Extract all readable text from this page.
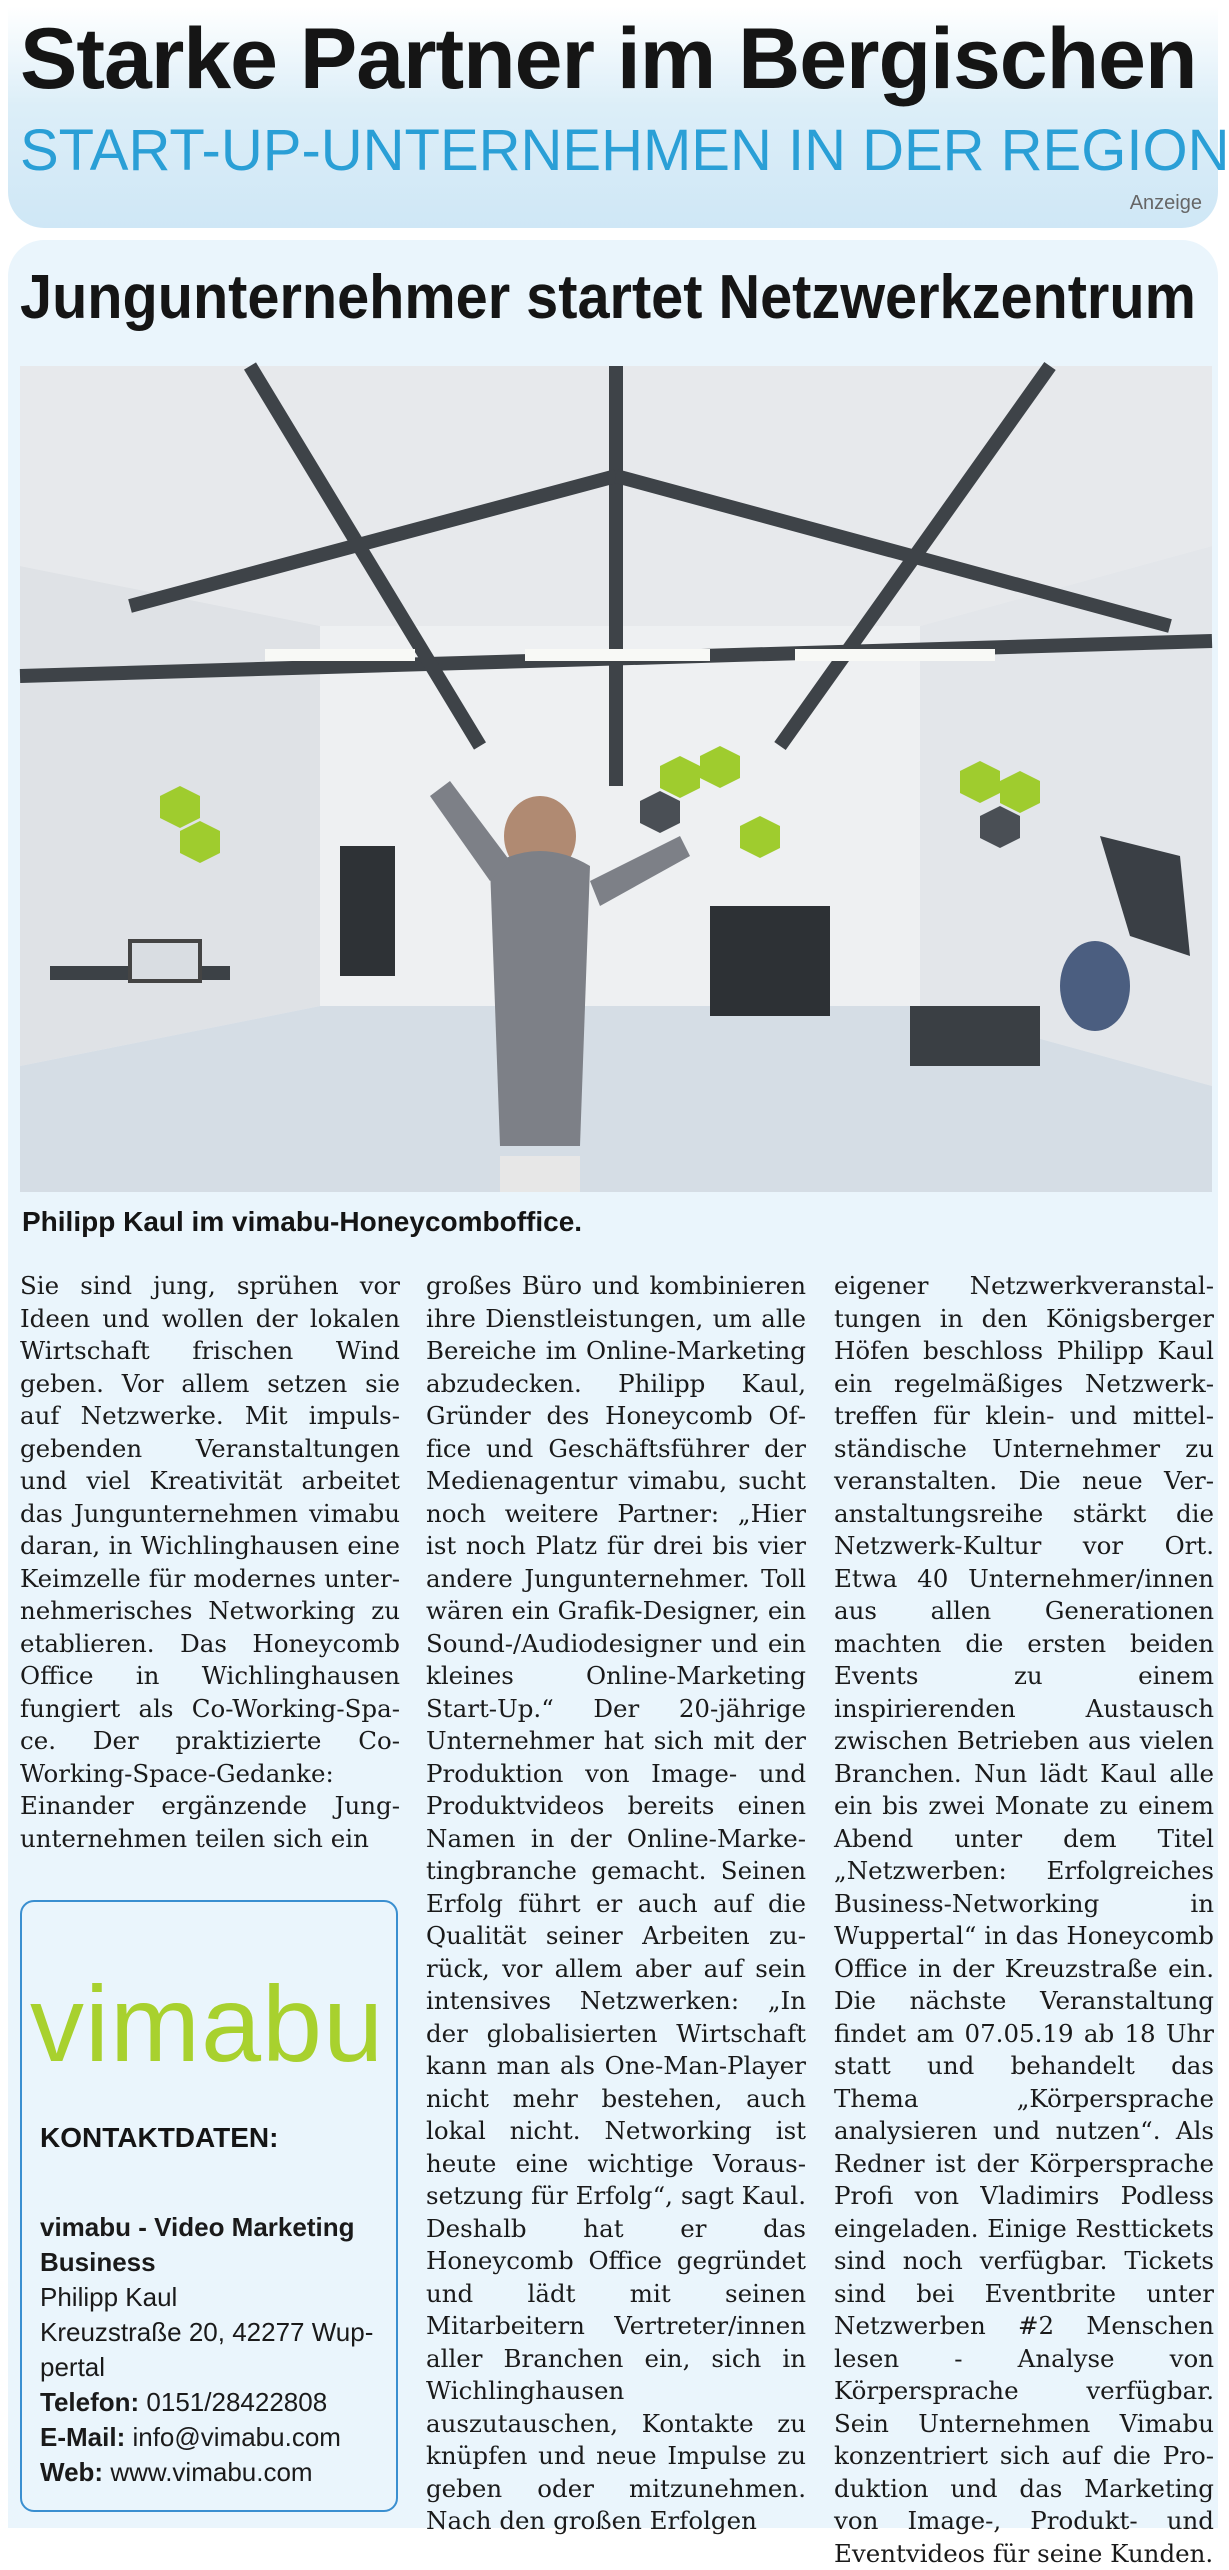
Starke Partner im Bergischen
START-UP-UNTERNEHMEN IN DER REGION
Anzeige
Jungunternehmer startet Netzwerkzentrum
Philipp Kaul im vimabu-Honeycomboffice.
Sie sind jung, sprühen vor Ideen und wollen der lokalen Wirtschaft frischen Wind geben. Vor allem setzen sie auf Netzwerke. Mit impulsgebenden Veranstaltungen und viel Kreativität arbeitet das Jungunternehmen vimabu daran, in Wichlinghausen eine Keimzelle für modernes unternehmerisches Networking zu etablieren. Das Honeycomb Office in Wichlinghausen fungiert als Co-Working-Space. Der praktizierte Co-Working-Space-Gedanke: Einander ergänzende Jungunternehmen teilen sich ein
großes Büro und kombinieren ihre Dienstleistungen, um alle Bereiche im Online-Marketing abzudecken. Philipp Kaul, Gründer des Honeycomb Office und Geschäftsführer der Medienagentur vimabu, sucht noch weitere Partner: „Hier ist noch Platz für drei bis vier andere Jungunternehmer. Toll wären ein Grafik-Designer, ein Sound-/Audiodesigner und ein kleines Online-Marketing Start-Up.“ Der 20-jährige Unternehmer hat sich mit der Produktion von Image- und Produktvideos bereits einen Namen in der Online-Marketingbranche gemacht. Seinen Erfolg führt er auch auf die Qualität seiner Arbeiten zurück, vor allem aber auf sein intensives Netzwerken: „In der globalisierten Wirtschaft kann man als One-Man-Player nicht mehr bestehen, auch lokal nicht. Networking ist heute eine wichtige Voraussetzung für Erfolg“, sagt Kaul. Deshalb hat er das Honeycomb Office gegründet und lädt mit seinen Mitarbeitern Vertreter/innen aller Branchen ein, sich in Wichlinghausen auszutauschen, Kontakte zu knüpfen und neue Impulse zu geben oder mitzunehmen. Nach den großen Erfolgen
eigener Netzwerkveranstaltungen in den Königsberger Höfen beschloss Philipp Kaul ein regelmäßiges Netzwerktreffen für klein- und mittelständische Unternehmer zu veranstalten. Die neue Veranstaltungsreihe stärkt die Netzwerk-Kultur vor Ort. Etwa 40 Unternehmer/innen aus allen Generationen machten die ersten beiden Events zu einem inspirierenden Austausch zwischen Betrieben aus vielen Branchen. Nun lädt Kaul alle ein bis zwei Monate zu einem Abend unter dem Titel „Netzwerben: Erfolgreiches Business-Networking in Wuppertal“ in das Honeycomb Office in der Kreuzstraße ein. Die nächste Veranstaltung findet am 07.05.19 ab 18 Uhr statt und behandelt das Thema „Körpersprache analysieren und nutzen“. Als Redner ist der Körpersprache Profi von Vladimirs Podless eingeladen. Einige Resttickets sind noch verfügbar. Tickets sind bei Eventbrite unter Netzwerben #2 Menschen lesen - Analyse von Körpersprache verfügbar. Sein Unternehmen Vimabu konzentriert sich auf die Produktion und das Marketing von Image-, Produkt- und Eventvideos für seine Kunden.
vimabu
KONTAKTDATEN:
vimabu - Video Marketing Business
Philipp Kaul
Kreuzstraße 20, 42277 Wuppertal
Telefon: 0151/28422808
E-Mail: info@vimabu.com
Web: www.vimabu.com
